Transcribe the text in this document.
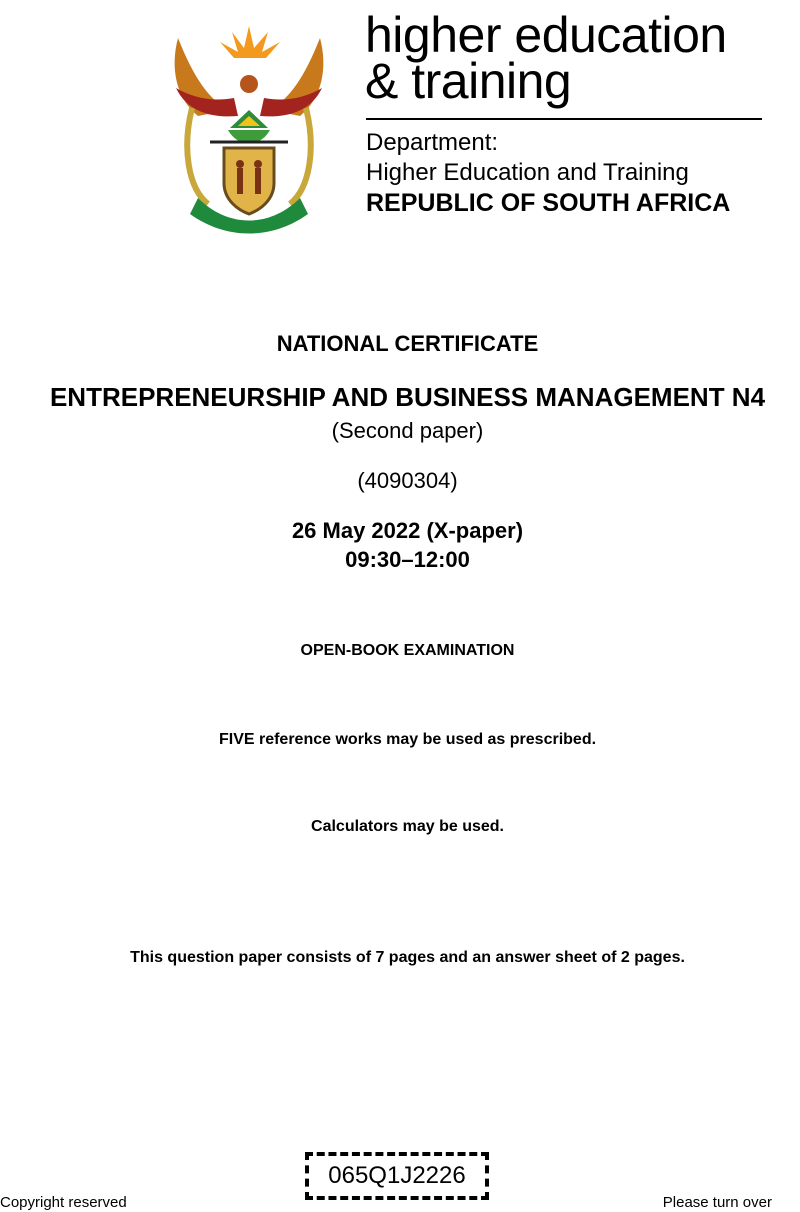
higher education
& training
Department:
Higher Education and Training
REPUBLIC OF SOUTH AFRICA
NATIONAL CERTIFICATE
ENTREPRENEURSHIP AND BUSINESS MANAGEMENT N4
(Second paper)
(4090304)
26 May 2022 (X-paper)
09:30–12:00
OPEN-BOOK EXAMINATION
FIVE reference works may be used as prescribed.
Calculators may be used.
This question paper consists of 7 pages and an answer sheet of 2 pages.
065Q1J2226
Copyright reserved	Please turn over
